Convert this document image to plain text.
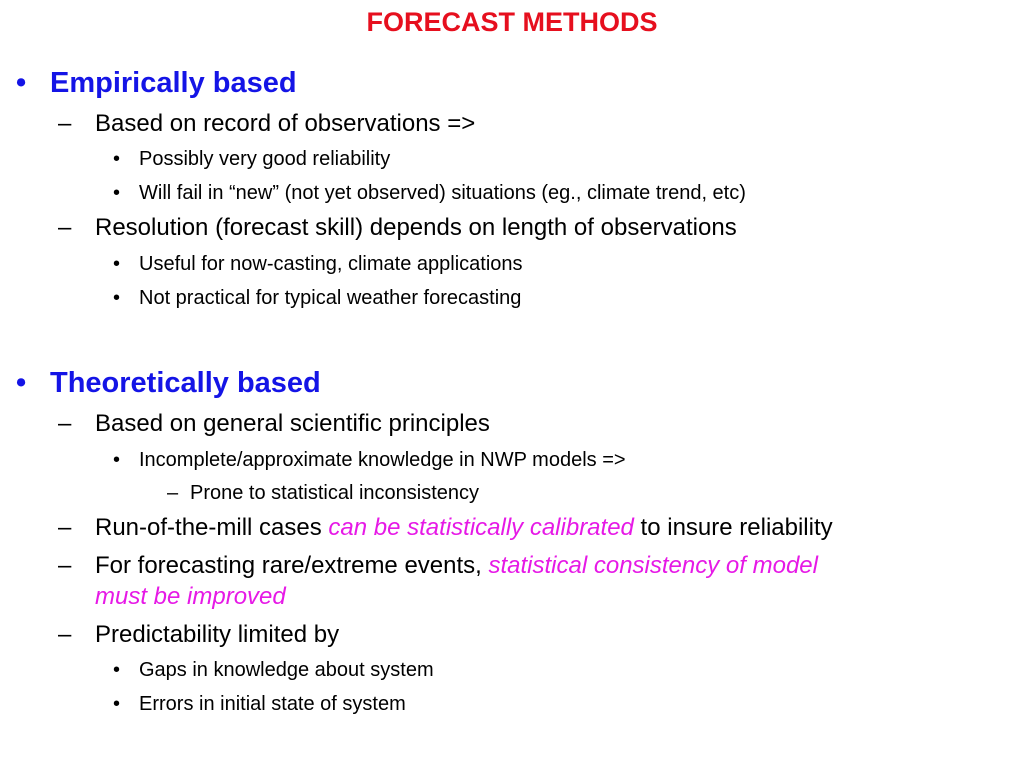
FORECAST METHODS
• Empirically based
– Based on record of observations =>
• Possibly very good reliability
• Will fail in “new” (not yet observed) situations (eg., climate trend, etc)
– Resolution (forecast skill) depends on length of observations
• Useful for now-casting, climate applications
• Not practical for typical weather forecasting
• Theoretically based
– Based on general scientific principles
• Incomplete/approximate knowledge in NWP models =>
– Prone to statistical inconsistency
– Run-of-the-mill cases can be statistically calibrated to insure reliability
– For forecasting rare/extreme events, statistical consistency of model
must be improved
– Predictability limited by
• Gaps in knowledge about system
• Errors in initial state of system
